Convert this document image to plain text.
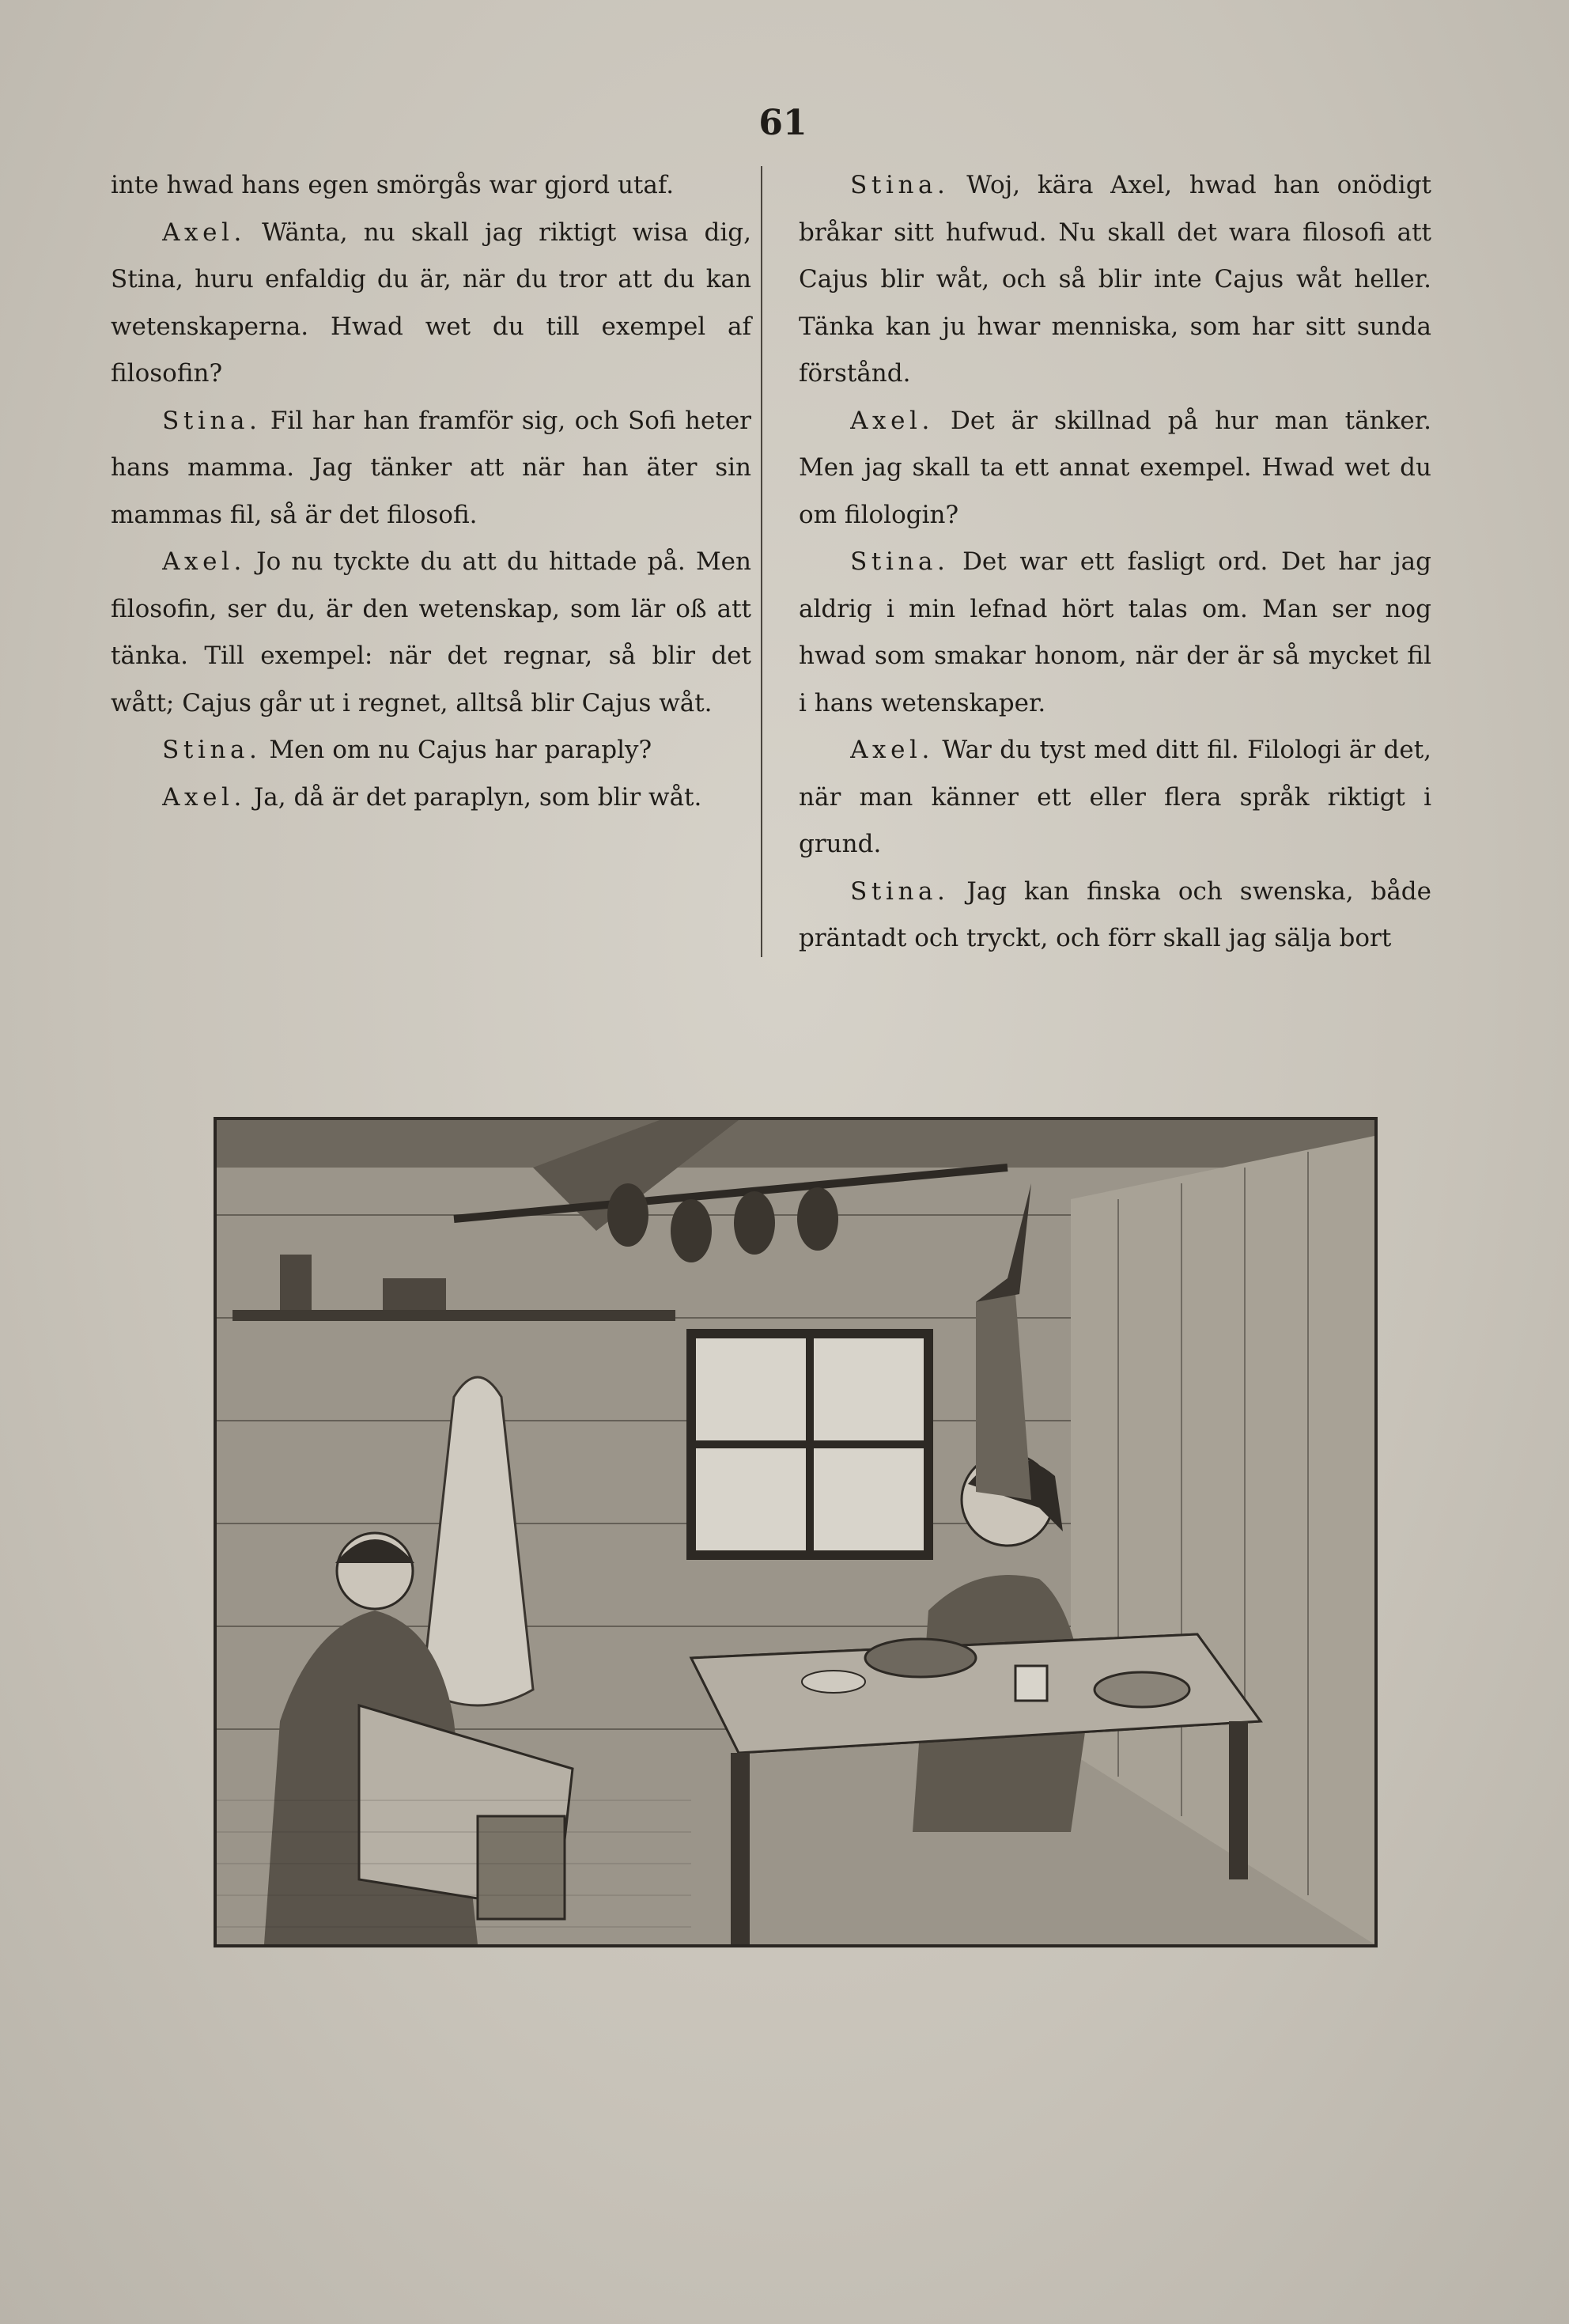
61

inte hwad hans egen smörgås war gjord utaf.

Axel. Wänta, nu skall jag riktigt wisa dig, Stina, huru enfaldig du är, när du tror att du kan wetenskaperna. Hwad wet du till exempel af filosofin?

Stina. Fil har han framför sig, och Sofi heter hans mamma. Jag tänker att när han äter sin mammas fil, så är det filosofi.

Axel. Jo nu tyckte du att du hittade på. Men filosofin, ser du, är den wetenskap, som lär oß att tänka. Till exempel: när det regnar, så blir det wått; Cajus går ut i regnet, alltså blir Cajus wåt.

Stina. Men om nu Cajus har paraply?

Axel. Ja, då är det paraplyn, som blir wåt.

Stina. Woj, kära Axel, hwad han onödigt bråkar sitt hufwud. Nu skall det wara filosofi att Cajus blir wåt, och så blir inte Cajus wåt heller. Tänka kan ju hwar menniska, som har sitt sunda förstånd.

Axel. Det är skillnad på hur man tänker. Men jag skall ta ett annat exempel. Hwad wet du om filologin?

Stina. Det war ett fasligt ord. Det har jag aldrig i min lefnad hört talas om. Man ser nog hwad som smakar honom, när der är så mycket fil i hans wetenskaper.

Axel. War du tyst med ditt fil. Filologi är det, när man känner ett eller flera språk riktigt i grund.

Stina. Jag kan finska och swenska, både präntadt och tryckt, och förr skall jag sälja bort
